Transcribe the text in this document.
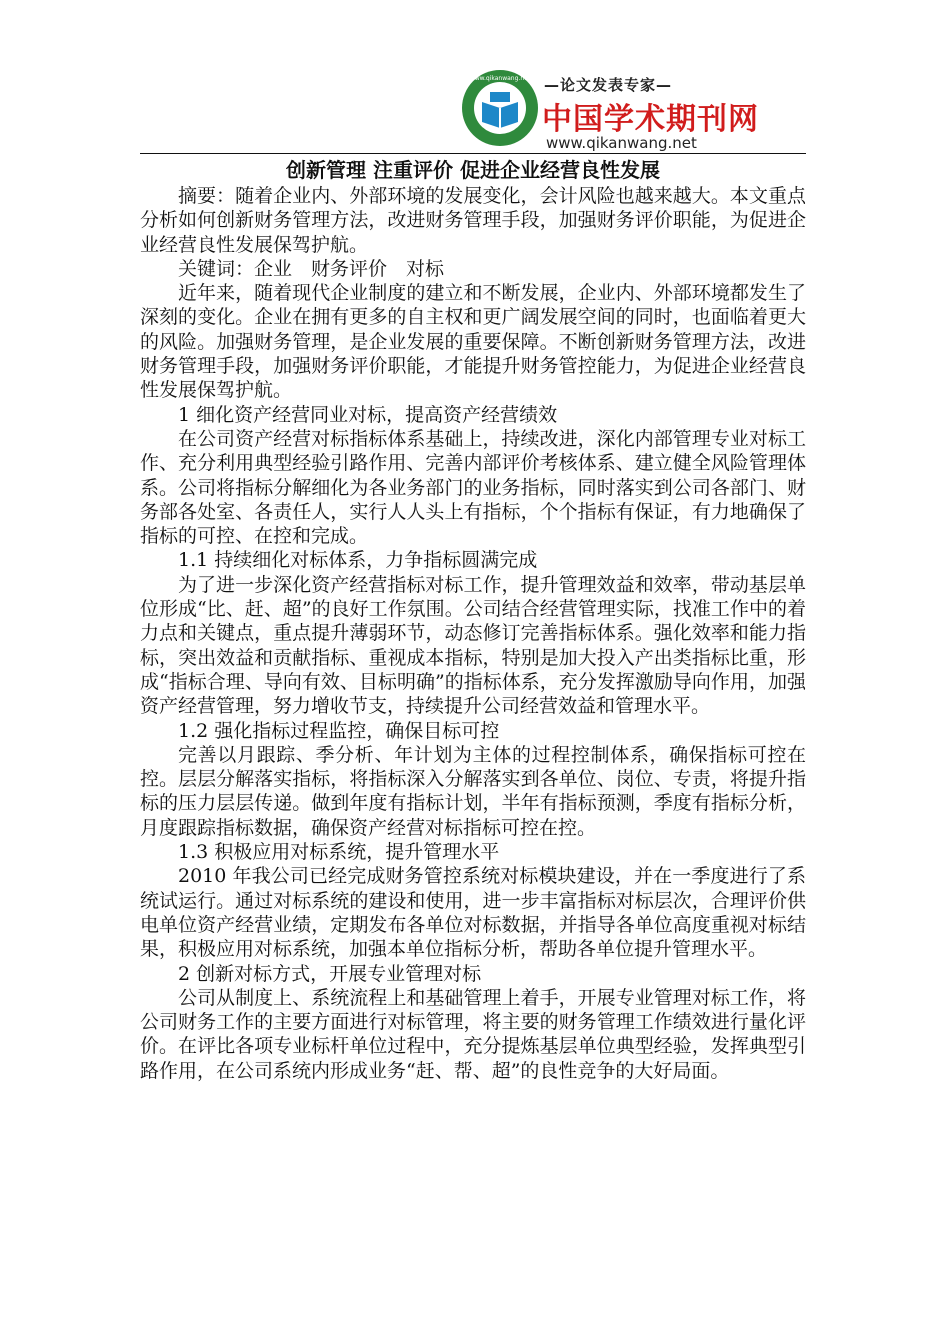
www.qikanwang.net —论文发表专家—
中国学术期刊网
www.qikanwang.net
创新管理 注重评价 促进企业经营良性发展

摘要：随着企业内、外部环境的发展变化，会计风险也越来越大。本文重点分析如何创新财务管理方法，改进财务管理手段，加强财务评价职能，为促进企业经营良性发展保驾护航。

关键词：企业　财务评价　对标

近年来，随着现代企业制度的建立和不断发展，企业内、外部环境都发生了深刻的变化。企业在拥有更多的自主权和更广阔发展空间的同时，也面临着更大的风险。加强财务管理，是企业发展的重要保障。不断创新财务管理方法，改进财务管理手段，加强财务评价职能，才能提升财务管控能力，为促进企业经营良性发展保驾护航。

1 细化资产经营同业对标，提高资产经营绩效

在公司资产经营对标指标体系基础上，持续改进，深化内部管理专业对标工作、充分利用典型经验引路作用、完善内部评价考核体系、建立健全风险管理体系。公司将指标分解细化为各业务部门的业务指标，同时落实到公司各部门、财务部各处室、各责任人，实行人人头上有指标，个个指标有保证，有力地确保了指标的可控、在控和完成。

1.1 持续细化对标体系，力争指标圆满完成

为了进一步深化资产经营指标对标工作，提升管理效益和效率，带动基层单位形成“比、赶、超”的良好工作氛围。公司结合经营管理实际，找准工作中的着力点和关键点，重点提升薄弱环节，动态修订完善指标体系。强化效率和能力指标，突出效益和贡献指标、重视成本指标，特别是加大投入产出类指标比重，形成“指标合理、导向有效、目标明确”的指标体系，充分发挥激励导向作用，加强资产经营管理，努力增收节支，持续提升公司经营效益和管理水平。

1.2 强化指标过程监控，确保目标可控

完善以月跟踪、季分析、年计划为主体的过程控制体系，确保指标可控在控。层层分解落实指标，将指标深入分解落实到各单位、岗位、专责，将提升指标的压力层层传递。做到年度有指标计划，半年有指标预测，季度有指标分析，月度跟踪指标数据，确保资产经营对标指标可控在控。

1.3 积极应用对标系统，提升管理水平

2010 年我公司已经完成财务管控系统对标模块建设，并在一季度进行了系统试运行。通过对标系统的建设和使用，进一步丰富指标对标层次，合理评价供电单位资产经营业绩，定期发布各单位对标数据，并指导各单位高度重视对标结果，积极应用对标系统，加强本单位指标分析，帮助各单位提升管理水平。

2 创新对标方式，开展专业管理对标

公司从制度上、系统流程上和基础管理上着手，开展专业管理对标工作，将公司财务工作的主要方面进行对标管理，将主要的财务管理工作绩效进行量化评价。在评比各项专业标杆单位过程中，充分提炼基层单位典型经验，发挥典型引路作用，在公司系统内形成业务“赶、帮、超”的良性竞争的大好局面。
